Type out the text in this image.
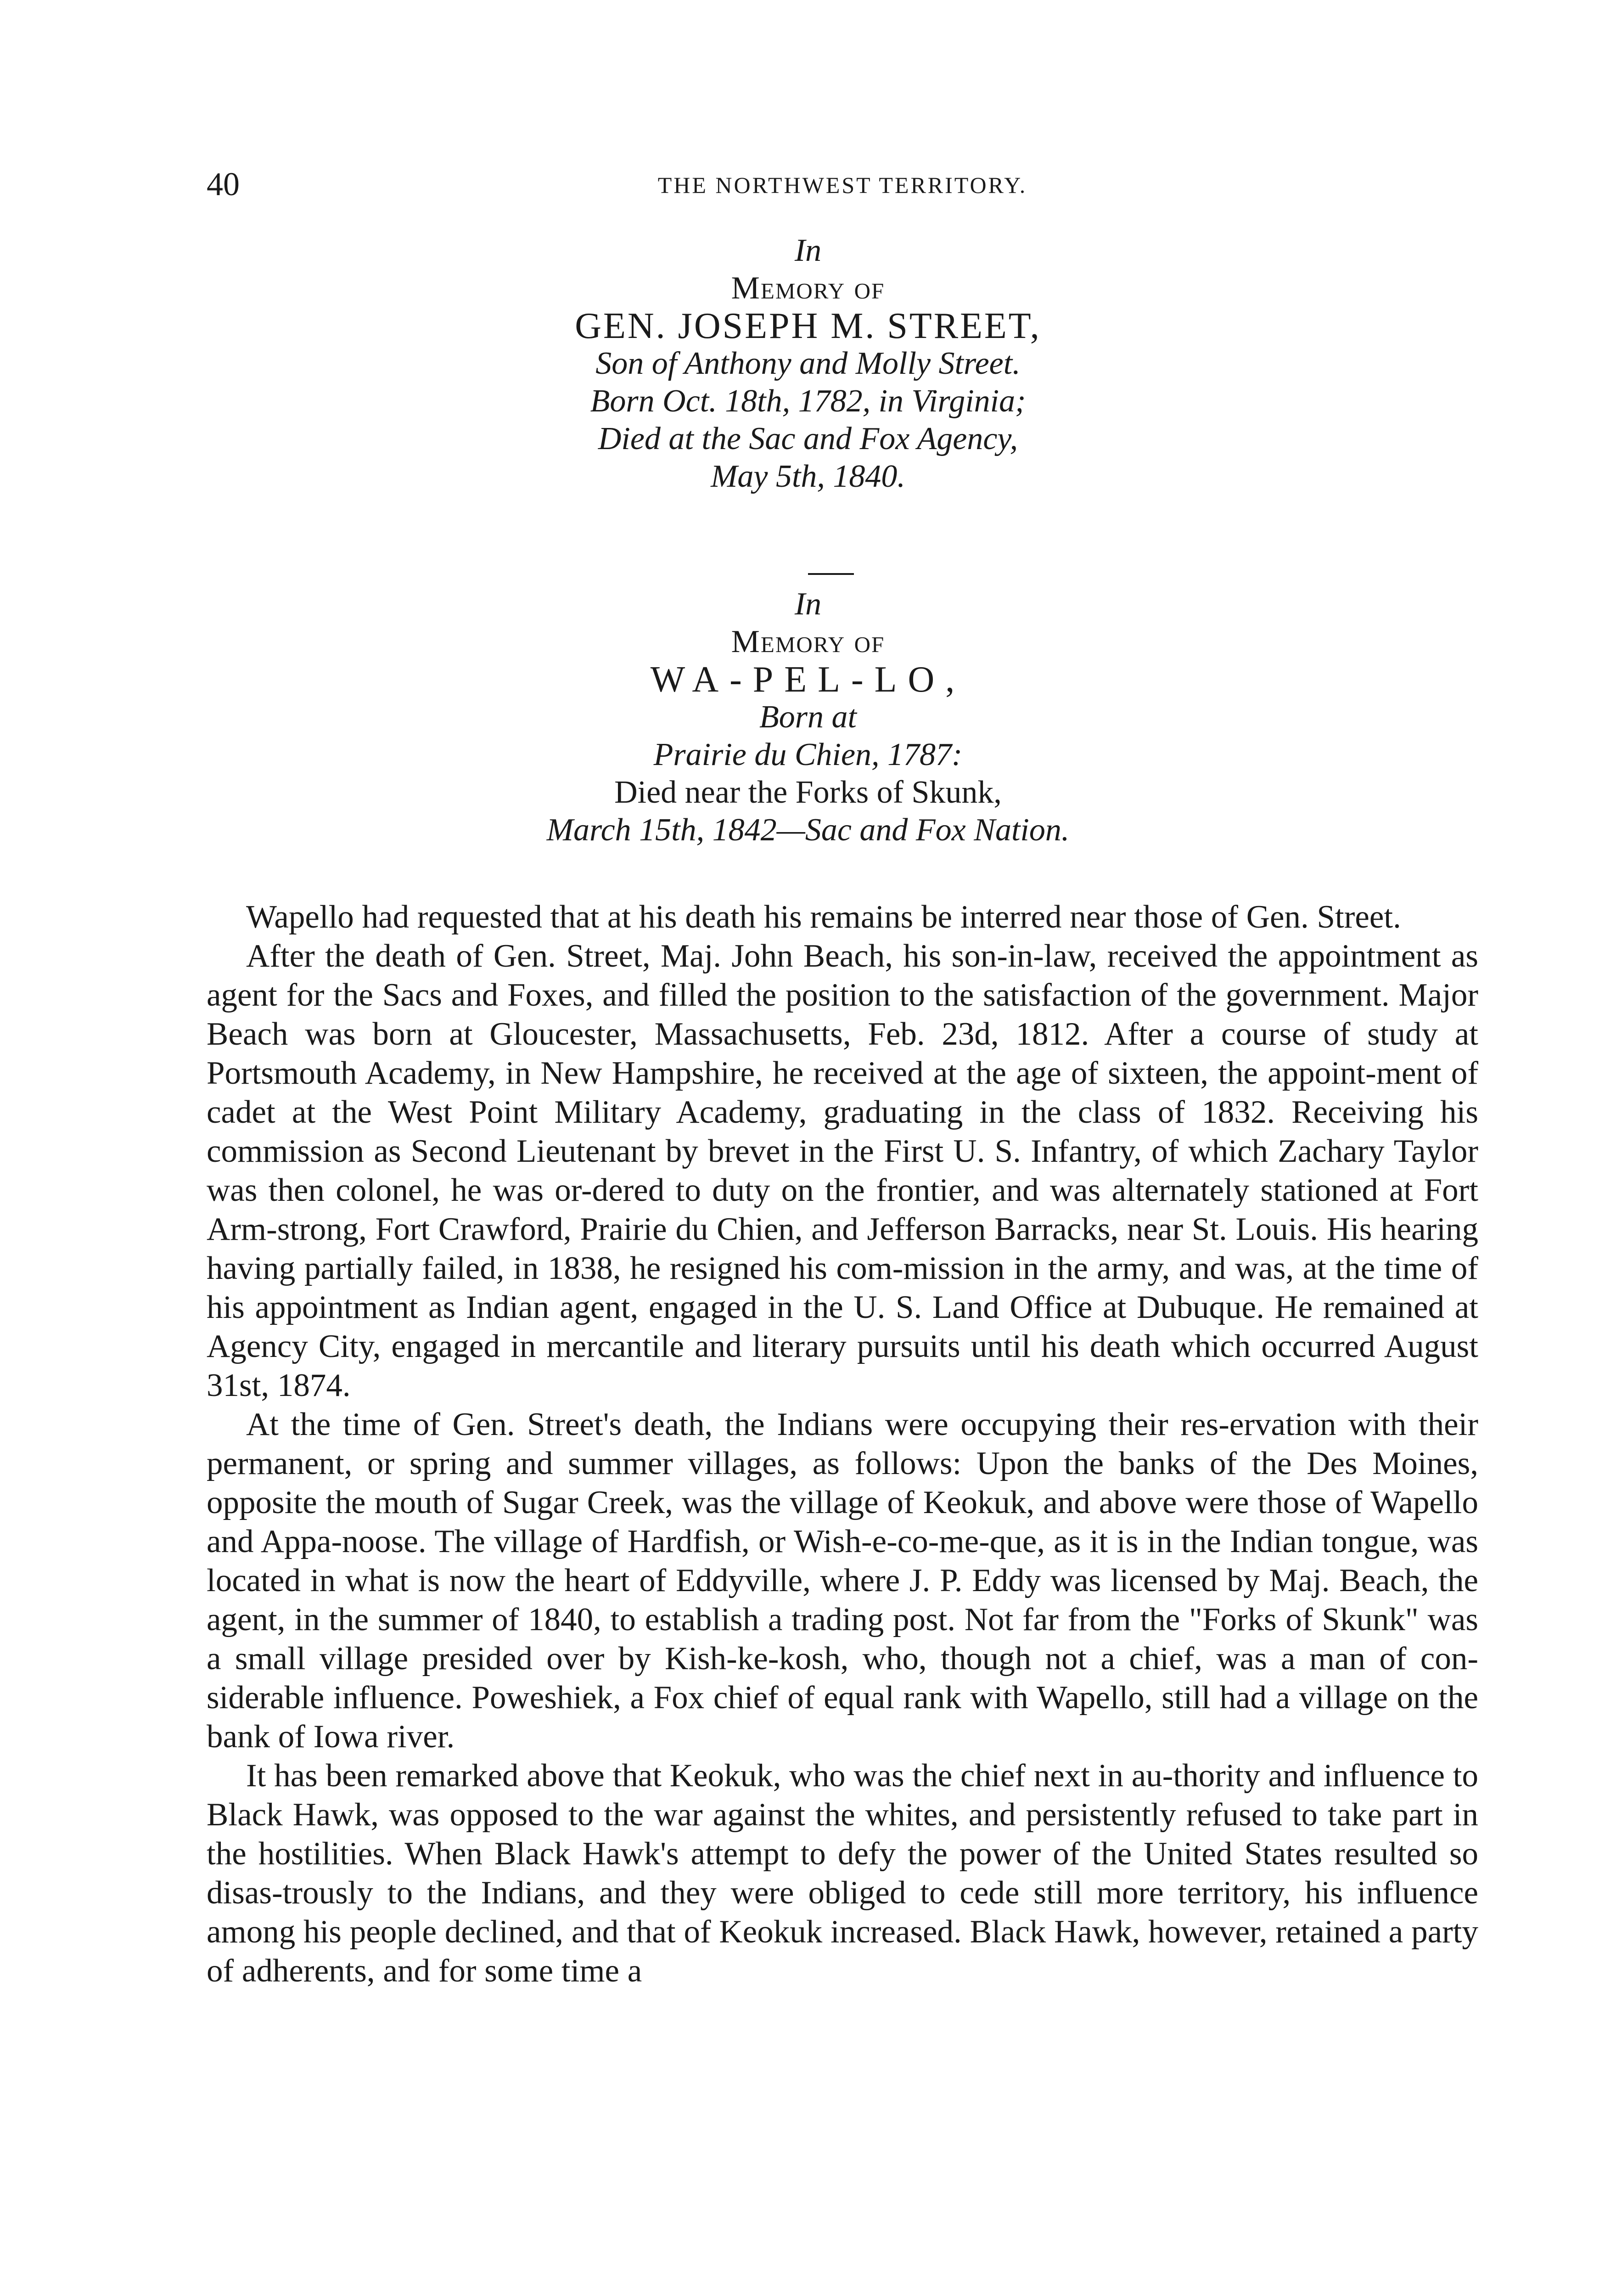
40	THE NORTHWEST TERRITORY.
In
Memory of
GEN. JOSEPH M. STREET,
Son of Anthony and Molly Street.
Born Oct. 18th, 1782, in Virginia;
Died at the Sac and Fox Agency,
May 5th, 1840.
In
Memory of
WA-PEL-LO,
Born at
Prairie du Chien, 1787:
Died near the Forks of Skunk,
March 15th, 1842—Sac and Fox Nation.

Wapello had requested that at his death his remains be interred near those of Gen. Street.

After the death of Gen. Street, Maj. John Beach, his son-in-law, received the appointment as agent for the Sacs and Foxes, and filled the position to the satisfaction of the government. Major Beach was born at Gloucester, Massachusetts, Feb. 23d, 1812. After a course of study at Portsmouth Academy, in New Hampshire, he received at the age of sixteen, the appoint-ment of cadet at the West Point Military Academy, graduating in the class of 1832. Receiving his commission as Second Lieutenant by brevet in the First U. S. Infantry, of which Zachary Taylor was then colonel, he was or-dered to duty on the frontier, and was alternately stationed at Fort Arm-strong, Fort Crawford, Prairie du Chien, and Jefferson Barracks, near St. Louis. His hearing having partially failed, in 1838, he resigned his com-mission in the army, and was, at the time of his appointment as Indian agent, engaged in the U. S. Land Office at Dubuque. He remained at Agency City, engaged in mercantile and literary pursuits until his death which occurred August 31st, 1874.

At the time of Gen. Street's death, the Indians were occupying their res-ervation with their permanent, or spring and summer villages, as follows: Upon the banks of the Des Moines, opposite the mouth of Sugar Creek, was the village of Keokuk, and above were those of Wapello and Appa-noose. The village of Hardfish, or Wish-e-co-me-que, as it is in the Indian tongue, was located in what is now the heart of Eddyville, where J. P. Eddy was licensed by Maj. Beach, the agent, in the summer of 1840, to establish a trading post. Not far from the "Forks of Skunk" was a small village presided over by Kish-ke-kosh, who, though not a chief, was a man of con-siderable influence. Poweshiek, a Fox chief of equal rank with Wapello, still had a village on the bank of Iowa river.

It has been remarked above that Keokuk, who was the chief next in au-thority and influence to Black Hawk, was opposed to the war against the whites, and persistently refused to take part in the hostilities. When Black Hawk's attempt to defy the power of the United States resulted so disas-trously to the Indians, and they were obliged to cede still more territory, his influence among his people declined, and that of Keokuk increased. Black Hawk, however, retained a party of adherents, and for some time a
